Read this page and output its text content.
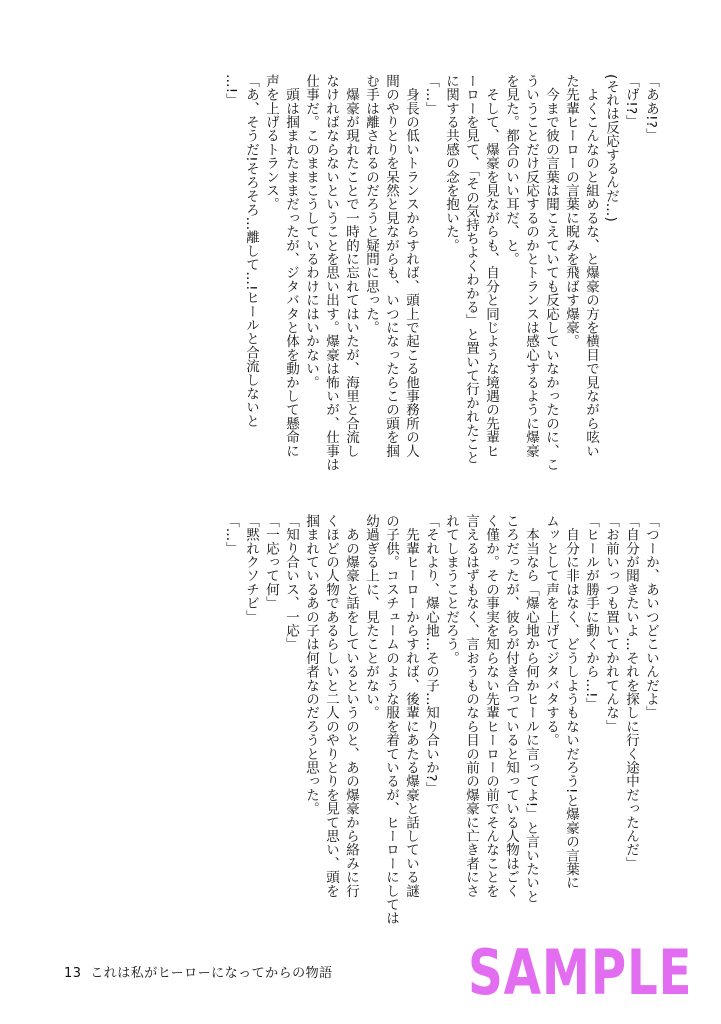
「ああ!?」
「げ!?」
(それは反応するんだ…)
　よくこんなのと組めるな、と爆豪の方を横目で見ながら呟い
た先輩ヒーローの言葉に睨みを飛ばす爆豪。
　今まで彼の言葉は聞こえていても反応していなかったのに、こ
ういうことだけ反応するのかとトランスは感心するように爆豪
を見た。都合のいい耳だ、と。
　そして、爆豪を見ながらも、自分と同じような境遇の先輩ヒ
ーローを見て、「その気持ちよくわかる」と置いて行かれたこと
に関する共感の念を抱いた。
「…」
　身長の低いトランスからすれば、頭上で起こる他事務所の人
間のやりとりを呆然と見ながらも、いつになったらこの頭を掴
む手は離されるのだろうと疑問に思った。
　爆豪が現れたことで一時的に忘れてはいたが、海里と合流し
なければならないということを思い出す。爆豪は怖いが、仕事は
仕事だ。このままこうしているわけにはいかない。
　頭は掴まれたままだったが、ジタバタと体を動かして懸命に
声を上げるトランス。
「あ、そうだ!そろそろ…離して…!ヒールと合流しないと
…!」
「つーか、あいつどこいんだよ」
「自分が聞きたいよ…それを探しに行く途中だったんだ」
「お前いっつも置いてかれてんな」
「ヒールが勝手に動くから…!」
　自分に非はなく、どうしようもないだろう!と爆豪の言葉に
ムッとして声を上げてジタバタする。
　本当なら「爆心地から何かヒールに言ってよ!」と言いたいと
ころだったが、彼らが付き合っていると知っている人物はごく
く僅か。その事実を知らない先輩ヒーローの前でそんなことを
言えるはずもなく、言おうものなら目の前の爆豪に亡き者にさ
れてしまうことだろう。
「それより、爆心地…その子…知り合いか?」
　先輩ヒーローからすれば、後輩にあたる爆豪と話している謎
の子供。コスチュームのような服を着ているが、ヒーローにしては
幼過ぎる上に、見たことがない。
　あの爆豪と話をしているというのと、あの爆豪から絡みに行
くほどの人物であるらしいと二人のやりとりを見て思い、頭を
掴まれているあの子は何者なのだろうと思った。
「知り合いス、一応」
「一応って何」
「黙れクソチビ」
「…」
13 これは私がヒーローになってからの物語 SAMPLE
